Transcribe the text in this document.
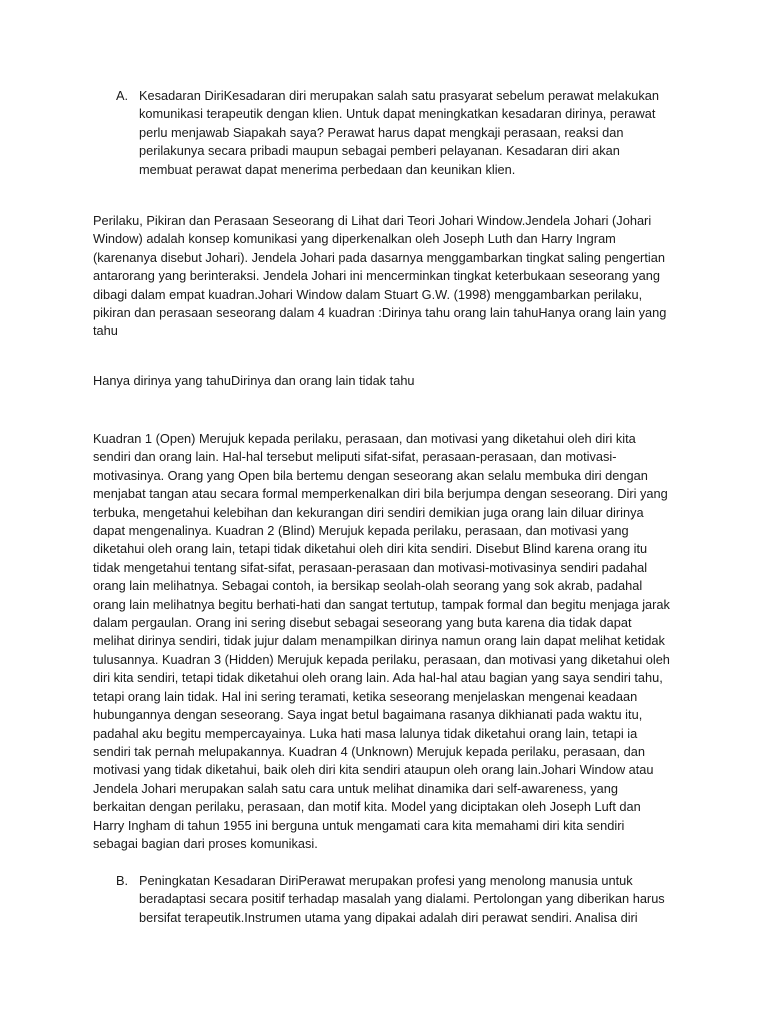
A. Kesadaran DiriKesadaran diri merupakan salah satu prasyarat sebelum perawat melakukan komunikasi terapeutik dengan klien. Untuk dapat meningkatkan kesadaran dirinya, perawat perlu menjawab Siapakah saya? Perawat harus dapat mengkaji perasaan, reaksi dan perilakunya secara pribadi maupun sebagai pemberi pelayanan. Kesadaran diri akan membuat perawat dapat menerima perbedaan dan keunikan klien.

Perilaku, Pikiran dan Perasaan Seseorang di Lihat dari Teori Johari Window.Jendela Johari (Johari Window) adalah konsep komunikasi yang diperkenalkan oleh Joseph Luth dan Harry Ingram (karenanya disebut Johari). Jendela Johari pada dasarnya menggambarkan tingkat saling pengertian antarorang yang berinteraksi. Jendela Johari ini mencerminkan tingkat keterbukaan seseorang yang dibagi dalam empat kuadran.Johari Window dalam Stuart G.W. (1998) menggambarkan perilaku, pikiran dan perasaan seseorang dalam 4 kuadran :Dirinya tahu orang lain tahuHanya orang lain yang tahu

Hanya dirinya yang tahuDirinya dan orang lain tidak tahu

Kuadran 1 (Open) Merujuk kepada perilaku, perasaan, dan motivasi yang diketahui oleh diri kita sendiri dan orang lain. Hal-hal tersebut meliputi sifat-sifat, perasaan-perasaan, dan motivasi-motivasinya. Orang yang Open bila bertemu dengan seseorang akan selalu membuka diri dengan menjabat tangan atau secara formal memperkenalkan diri bila berjumpa dengan seseorang. Diri yang terbuka, mengetahui kelebihan dan kekurangan diri sendiri demikian juga orang lain diluar dirinya dapat mengenalinya. Kuadran 2 (Blind) Merujuk kepada perilaku, perasaan, dan motivasi yang diketahui oleh orang lain, tetapi tidak diketahui oleh diri kita sendiri. Disebut Blind karena orang itu tidak mengetahui tentang sifat-sifat, perasaan-perasaan dan motivasi-motivasinya sendiri padahal orang lain melihatnya. Sebagai contoh, ia bersikap seolah-olah seorang yang sok akrab, padahal orang lain melihatnya begitu berhati-hati dan sangat tertutup, tampak formal dan begitu menjaga jarak dalam pergaulan. Orang ini sering disebut sebagai seseorang yang buta karena dia tidak dapat melihat dirinya sendiri, tidak jujur dalam menampilkan dirinya namun orang lain dapat melihat ketidak tulusannya. Kuadran 3 (Hidden) Merujuk kepada perilaku, perasaan, dan motivasi yang diketahui oleh diri kita sendiri, tetapi tidak diketahui oleh orang lain. Ada hal-hal atau bagian yang saya sendiri tahu, tetapi orang lain tidak. Hal ini sering teramati, ketika seseorang menjelaskan mengenai keadaan hubungannya dengan seseorang. Saya ingat betul bagaimana rasanya dikhianati pada waktu itu, padahal aku begitu mempercayainya. Luka hati masa lalunya tidak diketahui orang lain, tetapi ia sendiri tak pernah melupakannya. Kuadran 4 (Unknown) Merujuk kepada perilaku, perasaan, dan motivasi yang tidak diketahui, baik oleh diri kita sendiri ataupun oleh orang lain.Johari Window atau Jendela Johari merupakan salah satu cara untuk melihat dinamika dari self-awareness, yang berkaitan dengan perilaku, perasaan, dan motif kita. Model yang diciptakan oleh Joseph Luft dan Harry Ingham di tahun 1955 ini berguna untuk mengamati cara kita memahami diri kita sendiri sebagai bagian dari proses komunikasi.

B. Peningkatan Kesadaran DiriPerawat merupakan profesi yang menolong manusia untuk beradaptasi secara positif terhadap masalah yang dialami. Pertolongan yang diberikan harus bersifat terapeutik.Instrumen utama yang dipakai adalah diri perawat sendiri. Analisa diri
